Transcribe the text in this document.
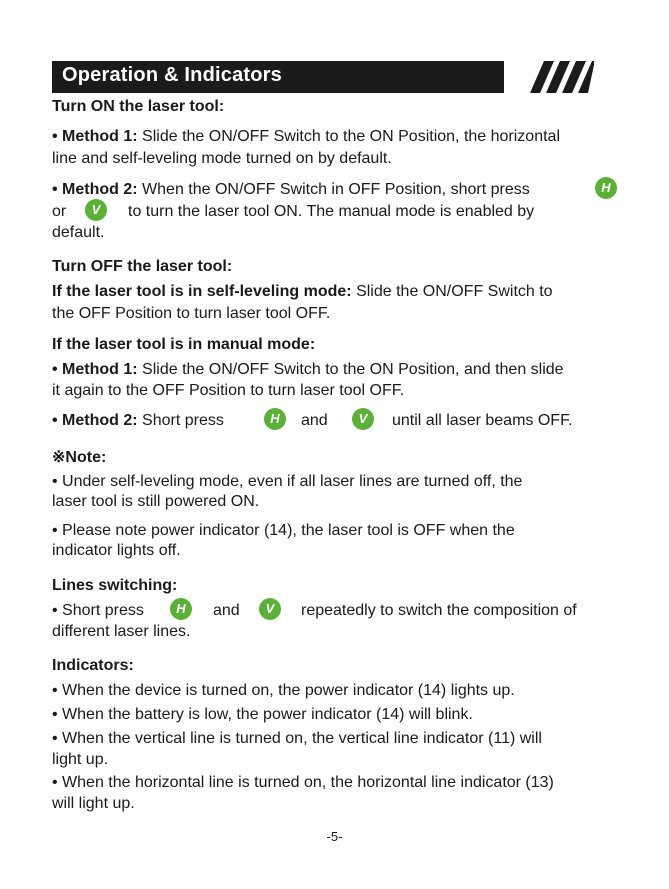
Operation & Indicators
Turn ON the laser tool:
• Method 1: Slide the ON/OFF Switch to the ON Position, the horizontal
line and self-leveling mode turned on by default.
• Method 2: When the ON/OFF Switch in OFF Position, short press	H
or	V	to turn the laser tool ON. The manual mode is enabled by
default.
Turn OFF the laser tool:
If the laser tool is in self-leveling mode: Slide the ON/OFF Switch to
the OFF Position to turn laser tool OFF.
If the laser tool is in manual mode:
• Method 1: Slide the ON/OFF Switch to the ON Position, and then slide
it again to the OFF Position to turn laser tool OFF.
• Method 2: Short press	H	and	V	until all laser beams OFF.
※Note:
• Under self-leveling mode, even if all laser lines are turned off, the
laser tool is still powered ON.
• Please note power indicator (14), the laser tool is OFF when the
indicator lights off.
Lines switching:
• Short press	H	and	V	repeatedly to switch the composition of
different laser lines.
Indicators:
• When the device is turned on, the power indicator (14) lights up.
• When the battery is low, the power indicator (14) will blink.
• When the vertical line is turned on, the vertical line indicator (11) will
light up.
• When the horizontal line is turned on, the horizontal line indicator (13)
will light up.
-5-
